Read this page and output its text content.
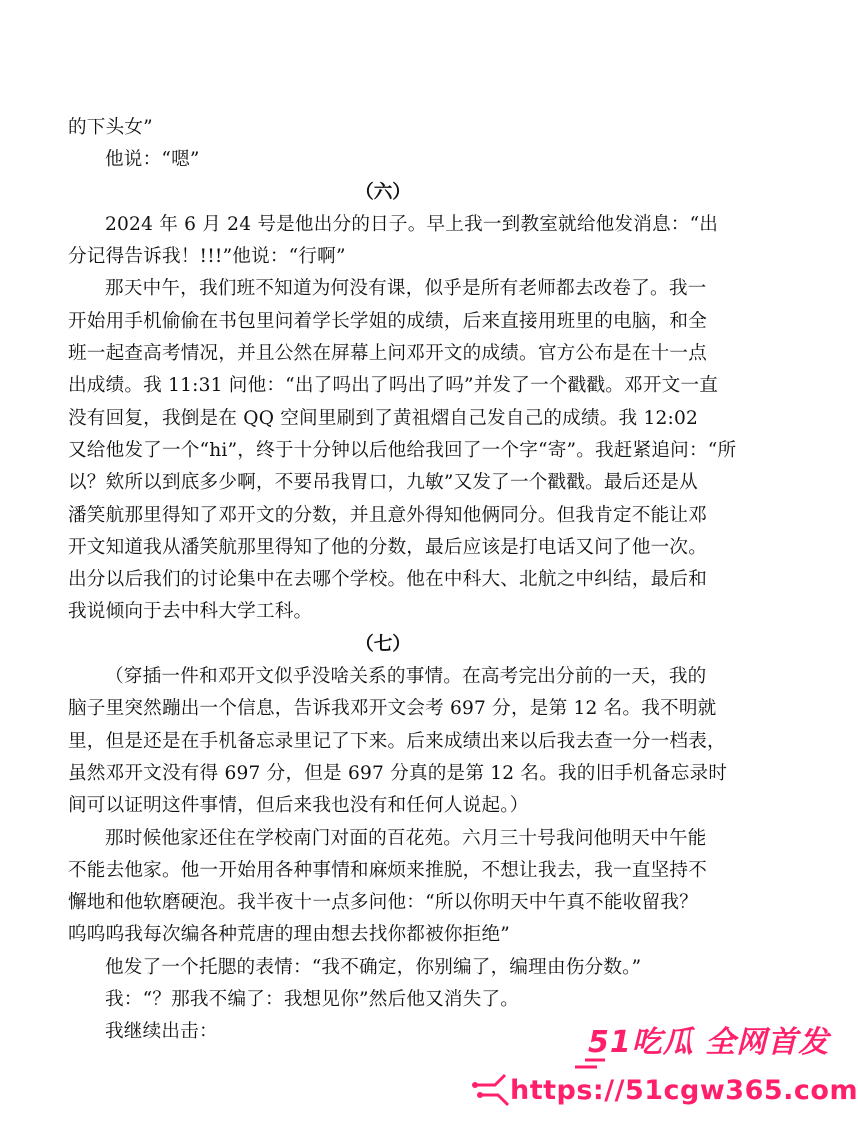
的下头女”
他说：“嗯”
（六）
2024 年 6 月 24 号是他出分的日子。早上我一到教室就给他发消息：“出
分记得告诉我！!!!”他说：“行啊”
那天中午，我们班不知道为何没有课，似乎是所有老师都去改卷了。我一
开始用手机偷偷在书包里问着学长学姐的成绩，后来直接用班里的电脑，和全
班一起查高考情况，并且公然在屏幕上问邓开文的成绩。官方公布是在十一点
出成绩。我 11:31 问他：“出了吗出了吗出了吗”并发了一个戳戳。邓开文一直
没有回复，我倒是在 QQ 空间里刷到了黄祖熠自己发自己的成绩。我 12:02
又给他发了一个“hi”，终于十分钟以后他给我回了一个字“寄”。我赶紧追问：“所
以？欸所以到底多少啊，不要吊我胃口，九敏”又发了一个戳戳。最后还是从
潘笑航那里得知了邓开文的分数，并且意外得知他俩同分。但我肯定不能让邓
开文知道我从潘笑航那里得知了他的分数，最后应该是打电话又问了他一次。
出分以后我们的讨论集中在去哪个学校。他在中科大、北航之中纠结，最后和
我说倾向于去中科大学工科。
（七）
（穿插一件和邓开文似乎没啥关系的事情。在高考完出分前的一天，我的
脑子里突然蹦出一个信息，告诉我邓开文会考 697 分，是第 12 名。我不明就
里，但是还是在手机备忘录里记了下来。后来成绩出来以后我去查一分一档表，
虽然邓开文没有得 697 分，但是 697 分真的是第 12 名。我的旧手机备忘录时
间可以证明这件事情，但后来我也没有和任何人说起。）
那时候他家还住在学校南门对面的百花苑。六月三十号我问他明天中午能
不能去他家。他一开始用各种事情和麻烦来推脱，不想让我去，我一直坚持不
懈地和他软磨硬泡。我半夜十一点多问他：“所以你明天中午真不能收留我？
呜呜呜我每次编各种荒唐的理由想去找你都被你拒绝”
他发了一个托腮的表情：“我不确定，你别编了，编理由伤分数。”
我：“？那我不编了：我想见你”然后他又消失了。
我继续出击：	51吃瓜 全网首发
https://51cgw365.com
